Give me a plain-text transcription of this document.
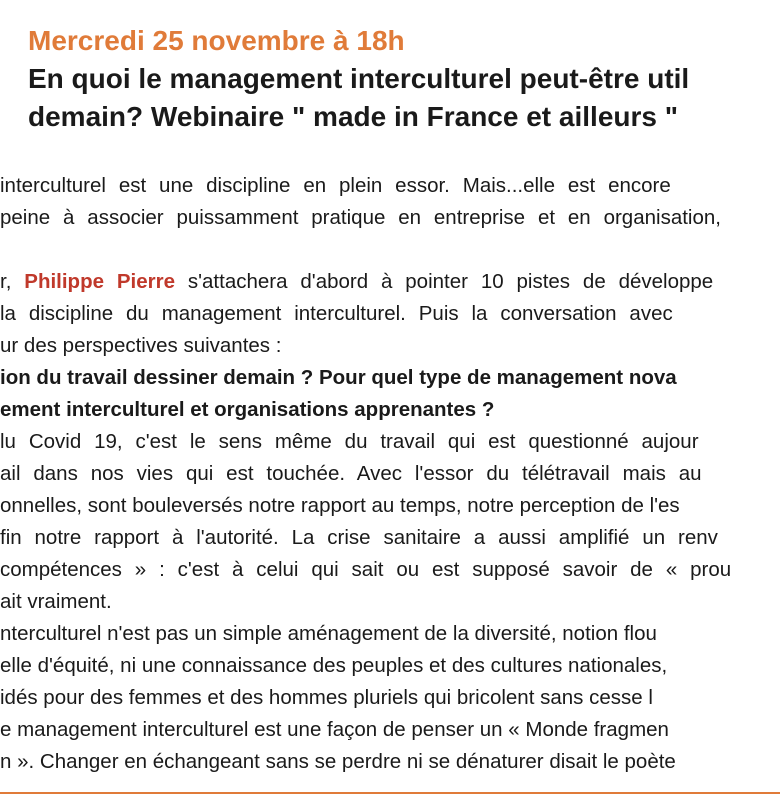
Mercredi 25 novembre à 18h
En quoi le management interculturel peut-être util
demain? Webinaire " made in France et ailleurs "
interculturel est une discipline en plein essor. Mais...elle est encore
peine à associer puissamment pratique en entreprise et en organisation,
r, Philippe Pierre s'attachera d'abord à pointer 10 pistes de développe
la discipline du management interculturel. Puis la conversation avec
ur des perspectives suivantes :
ion du travail dessiner demain ? Pour quel type de management nova
ement interculturel et organisations apprenantes ?
lu Covid 19, c'est le sens même du travail qui est questionné aujour
ail dans nos vies qui est touchée. Avec l'essor du télétravail mais au
onnelles, sont bouleversés notre rapport au temps, notre perception de l'es
fin notre rapport à l'autorité. La crise sanitaire a aussi amplifié un renv
compétences » : c'est à celui qui sait ou est supposé savoir de « prou
ait vraiment.
nterculturel n'est pas un simple aménagement de la diversité, notion flou
elle d'équité, ni une connaissance des peuples et des cultures nationales,
idés pour des femmes et des hommes pluriels qui bricolent sans cesse l
e management interculturel est une façon de penser un « Monde fragmen
n ». Changer en échangeant sans se perdre ni se dénaturer disait le poète
